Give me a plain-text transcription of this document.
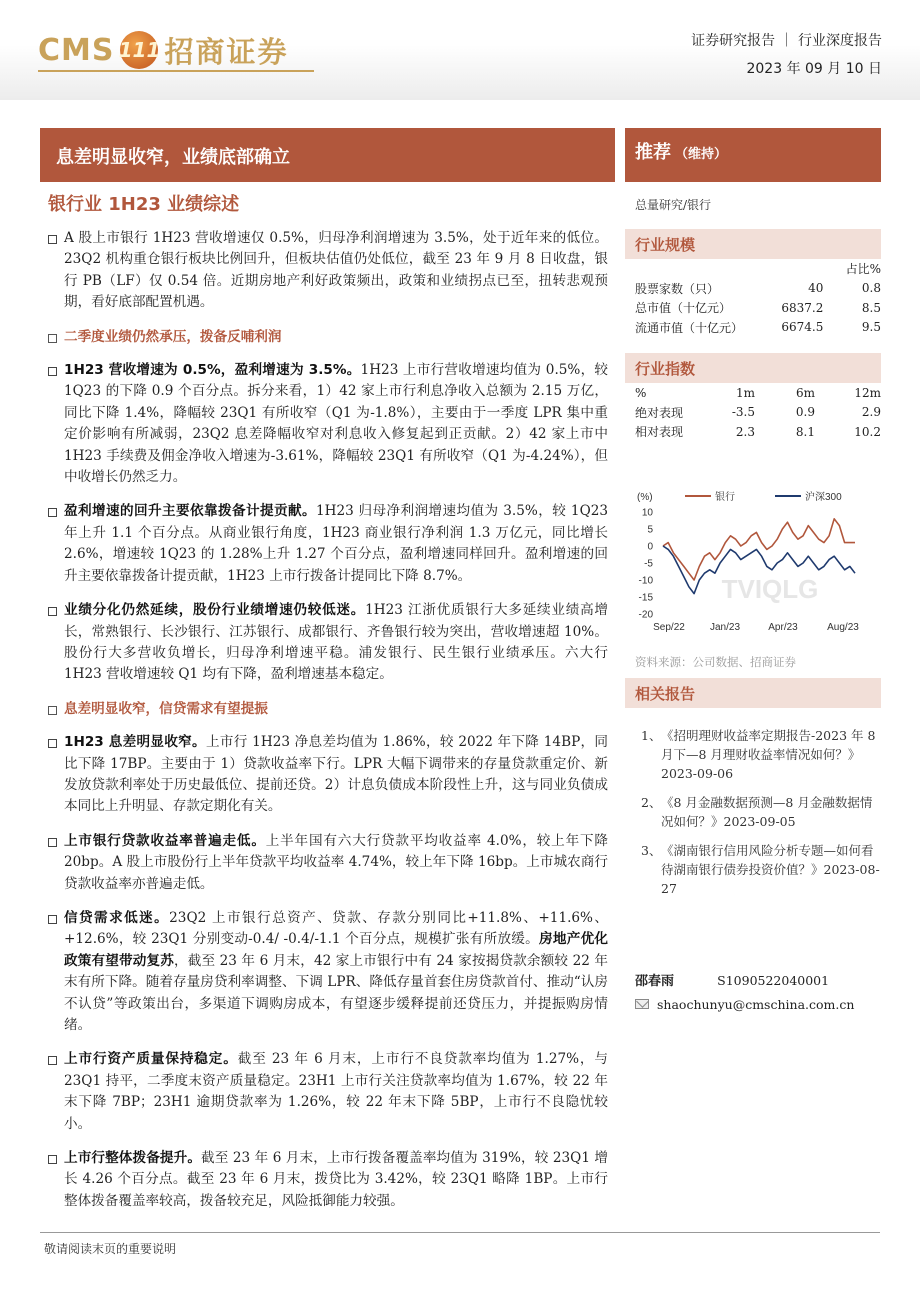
CMS 111 招商证券	证券研究报告 ｜ 行业深度报告
2023 年 09 月 10 日
息差明显收窄，业绩底部确立
银行业 1H23 业绩综述
A 股上市银行 1H23 营收增速仅 0.5%，归母净利润增速为 3.5%，处于近年来的低位。23Q2 机构重仓银行板块比例回升，但板块估值仍处低位，截至 23 年 9 月 8 日收盘，银行 PB（LF）仅 0.54 倍。近期房地产利好政策频出，政策和业绩拐点已至，扭转悲观预期，看好底部配置机遇。
二季度业绩仍然承压，拨备反哺利润
1H23 营收增速为 0.5%，盈利增速为 3.5%。1H23 上市行营收增速均值为 0.5%，较 1Q23 的下降 0.9 个百分点。拆分来看，1）42 家上市行利息净收入总额为 2.15 万亿，同比下降 1.4%，降幅较 23Q1 有所收窄（Q1 为-1.8%），主要由于一季度 LPR 集中重定价影响有所减弱，23Q2 息差降幅收窄对利息收入修复起到正贡献。2）42 家上市中 1H23 手续费及佣金净收入增速为-3.61%，降幅较 23Q1 有所收窄（Q1 为-4.24%），但中收增长仍然乏力。
盈利增速的回升主要依靠拨备计提贡献。1H23 归母净利润增速均值为 3.5%，较 1Q23 年上升 1.1 个百分点。从商业银行角度，1H23 商业银行净利润 1.3 万亿元，同比增长 2.6%，增速较 1Q23 的 1.28%上升 1.27 个百分点，盈利增速同样回升。盈利增速的回升主要依靠拨备计提贡献，1H23 上市行拨备计提同比下降 8.7%。
业绩分化仍然延续，股份行业绩增速仍较低迷。1H23 江浙优质银行大多延续业绩高增长，常熟银行、长沙银行、江苏银行、成都银行、齐鲁银行较为突出，营收增速超 10%。股份行大多营收负增长，归母净利增速平稳。浦发银行、民生银行业绩承压。六大行 1H23 营收增速较 Q1 均有下降，盈利增速基本稳定。
息差明显收窄，信贷需求有望提振
1H23 息差明显收窄。上市行 1H23 净息差均值为 1.86%，较 2022 年下降 14BP，同比下降 17BP。主要由于 1）贷款收益率下行。LPR 大幅下调带来的存量贷款重定价、新发放贷款利率处于历史最低位、提前还贷。2）计息负债成本阶段性上升，这与同业负债成本同比上升明显、存款定期化有关。
上市银行贷款收益率普遍走低。上半年国有六大行贷款平均收益率 4.0%，较上年下降 20bp。A 股上市股份行上半年贷款平均收益率 4.74%，较上年下降 16bp。上市城农商行贷款收益率亦普遍走低。
信贷需求低迷。23Q2 上市银行总资产、贷款、存款分别同比+11.8%、+11.6%、+12.6%，较 23Q1 分别变动-0.4/ -0.4/-1.1 个百分点，规模扩张有所放缓。房地产优化政策有望带动复苏，截至 23 年 6 月末，42 家上市银行中有 24 家按揭贷款余额较 22 年末有所下降。随着存量房贷利率调整、下调 LPR、降低存量首套住房贷款首付、推动“认房不认贷”等政策出台，多渠道下调购房成本，有望逐步缓释提前还贷压力，并提振购房情绪。
上市行资产质量保持稳定。截至 23 年 6 月末，上市行不良贷款率均值为 1.27%，与 23Q1 持平，二季度末资产质量稳定。23H1 上市行关注贷款率均值为 1.67%，较 22 年末下降 7BP；23H1 逾期贷款率为 1.26%，较 22 年末下降 5BP，上市行不良隐忧较小。
上市行整体拨备提升。截至 23 年 6 月末，上市行拨备覆盖率均值为 319%，较 23Q1 增长 4.26 个百分点。截至 23 年 6 月末，拨贷比为 3.42%，较 23Q1 略降 1BP。上市行整体拨备覆盖率较高，拨备较充足，风险抵御能力较强。
推荐 （维持）
总量研究/银行
行业规模
		占比%
股票家数（只）	40	0.8
总市值（十亿元）	6837.2	8.5
流通市值（十亿元）	6674.5	9.5
行业指数
%	1m	6m	12m
绝对表现	-3.5	0.9	2.9
相对表现	2.3	8.1	10.2
TVIQLG
(%)
10
5
0
-5
-10
-15
-20
Sep/22	Jan/23	Apr/23	Aug/23
银行	沪深300
资料来源：公司数据、招商证券
相关报告
1、 《招明理财收益率定期报告-2023 年 8 月下—8 月理财收益率情况如何？》2023-09-06
2、 《8 月金融数据预测—8 月金融数据情况如何？》2023-09-05
3、 《湖南银行信用风险分析专题—如何看待湖南银行债券投资价值？》2023-08-27
邵春雨	S1090522040001
shaochunyu@cmschina.com.cn
敬请阅读末页的重要说明
